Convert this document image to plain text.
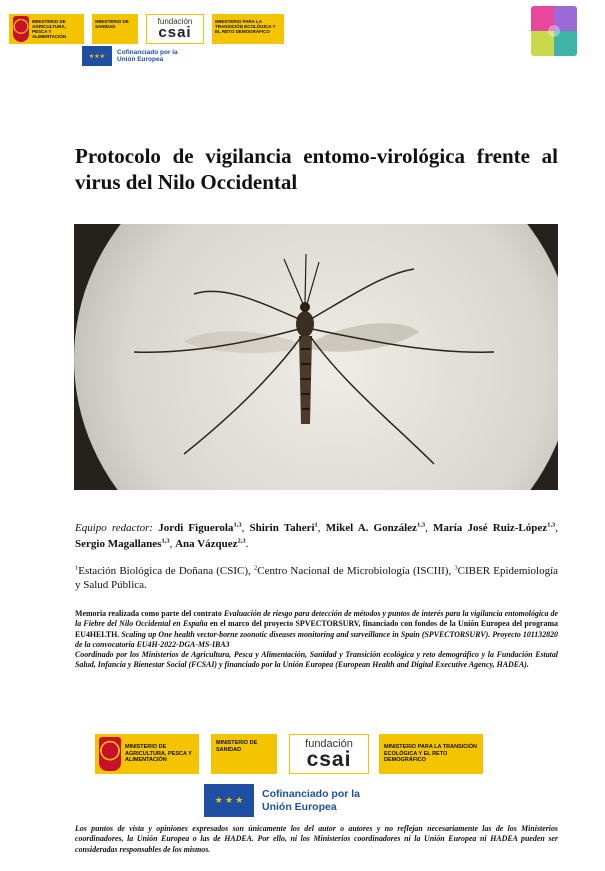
MINISTERIO DE AGRICULTURA, PESCA Y ALIMENTACIÓN
MINISTERIO DE SANIDAD
fundación
csai
MINISTERIO PARA LA TRANSICIÓN ECOLÓGICA Y EL RETO DEMOGRÁFICO
★★★
Cofinanciado por la Unión Europea
Protocolo de vigilancia entomo-virológica frente al virus del Nilo Occidental

Equipo redactor: Jordi Figuerola$^{1,3}$, Shirin Taheri$^1$, Mikel A. González$^{1,3}$, María José Ruiz-López$^{1,3}$, Sergio Magallanes$^{1,3}$, Ana Vázquez$^{2,3}$.

$^1$Estación Biológica de Doñana (CSIC), $^2$Centro Nacional de Microbiología (ISCIII), $^3$CIBER Epidemiología y Salud Pública.

Memoria realizada como parte del contrato Evaluación de riesgo para detección de métodos y puntos de interés para la vigilancia entomológica de la Fiebre del Nilo Occidental en España en el marco del proyecto SPVECTORSURV, financiado con fondos de la Unión Europea del programa EU4HELTH. Scaling up One health vector-borne zoonotic diseases monitoring and surveillance in Spain (SPVECTORSURV). Proyecto 101132820 de la convocatoria EU4H-2022-DGA-MS-IBA3
Coordinado por los Ministerios de Agricultura, Pesca y Alimentación, Sanidad y Transición ecológica y reto demográfico y la Fundación Estatal Salud, Infancia y Bienestar Social (FCSAI) y financiado por la Unión Europea (European Health and Digital Executive Agency, HADEA).

MINISTERIO DE AGRICULTURA, PESCA Y ALIMENTACIÓN
MINISTERIO DE SANIDAD	fundación
csai
MINISTERIO PARA LA TRANSICIÓN ECOLÓGICA Y EL RETO DEMOGRÁFICO
★ ★ ★	Cofinanciado por la Unión Europea

Los puntos de vista y opiniones expresados son únicamente los del autor o autores y no reflejan necesariamente las de los Ministerios coordinadores, la Unión Europea o las de HADEA. Por ello, ni los Ministerios coordinadores ni la Unión Europea ni HADEA pueden ser consideradas responsables de los mismos.
